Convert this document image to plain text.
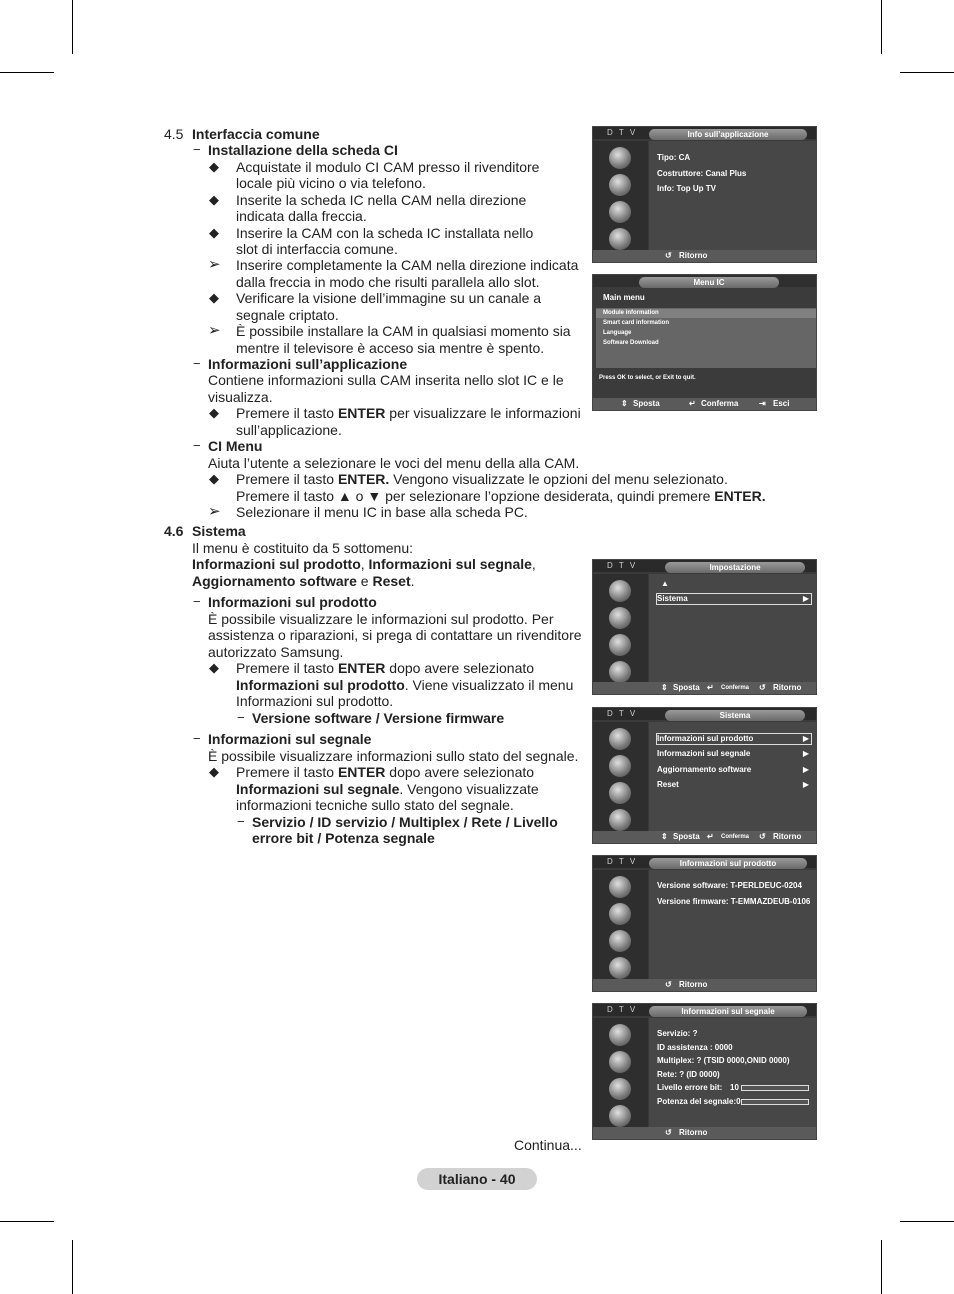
4.5 Interfaccia comune
− Installazione della scheda CI
◆ Acquistate il modulo CI CAM presso il rivenditore
locale più vicino o via telefono.
◆ Inserite la scheda IC nella CAM nella direzione
indicata dalla freccia.
◆ Inserire la CAM con la scheda IC installata nello
slot di interfaccia comune.
➢ Inserire completamente la CAM nella direzione indicata
dalla freccia in modo che risulti parallela allo slot.
◆ Verificare la visione dell’immagine su un canale a
segnale criptato.
➢ È possibile installare la CAM in qualsiasi momento sia
mentre il televisore è acceso sia mentre è spento.
− Informazioni sull’applicazione
Contiene informazioni sulla CAM inserita nello slot IC e le
visualizza.
◆ Premere il tasto ENTER per visualizzare le informazioni
sull’applicazione.
− CI Menu
Aiuta l’utente a selezionare le voci del menu della alla CAM.
◆ Premere il tasto ENTER. Vengono visualizzate le opzioni del menu selezionato.
Premere il tasto ▲ o ▼ per selezionare l’opzione desiderata, quindi premere ENTER.
➢ Selezionare il menu IC in base alla scheda PC.
4.6 Sistema
Il menu è costituito da 5 sottomenu:
Informazioni sul prodotto, Informazioni sul segnale,
Aggiornamento software e Reset.
− Informazioni sul prodotto
È possibile visualizzare le informazioni sul prodotto. Per
assistenza o riparazioni, si prega di contattare un rivenditore
autorizzato Samsung.
◆ Premere il tasto ENTER dopo avere selezionato
Informazioni sul prodotto. Viene visualizzato il menu
Informazioni sul prodotto.
− Versione software / Versione firmware
− Informazioni sul segnale
È possibile visualizzare informazioni sullo stato del segnale.
◆ Premere il tasto ENTER dopo avere selezionato
Informazioni sul segnale. Vengono visualizzate
informazioni tecniche sullo stato del segnale.
− Servizio / ID servizio / Multiplex / Rete / Livello
errore bit / Potenza segnale
D T V	Info sull’applicazione
Tipo: CA
Costruttore: Canal Plus
Info: Top Up TV
↺ Ritorno
Menu IC
Main menu
Module information
Smart card information
Language
Software Download
Press OK to select, or Exit to quit.
⇕ Sposta	↵ Conferma	⇥ Esci
D T V	Impostazione
▲
Sistema	▶
⇕ Sposta ↵ Conferma ↺ Ritorno
D T V	Sistema
Informazioni sul prodotto	▶
Informazioni sul segnale	▶
Aggiornamento software	▶
Reset	▶
⇕ Sposta ↵ Conferma ↺ Ritorno
D T V	Informazioni sul prodotto
Versione software: T-PERLDEUC-0204
Versione firmware: T-EMMAZDEUB-0106
↺ Ritorno
D T V	Informazioni sul segnale
Servizio: ?
ID assistenza : 0000
Multiplex: ? (TSID 0000,ONID 0000)
Rete: ? (ID 0000)
Livello errore bit: 10
Potenza del segnale:0
↺ Ritorno
Continua...
Italiano - 40
